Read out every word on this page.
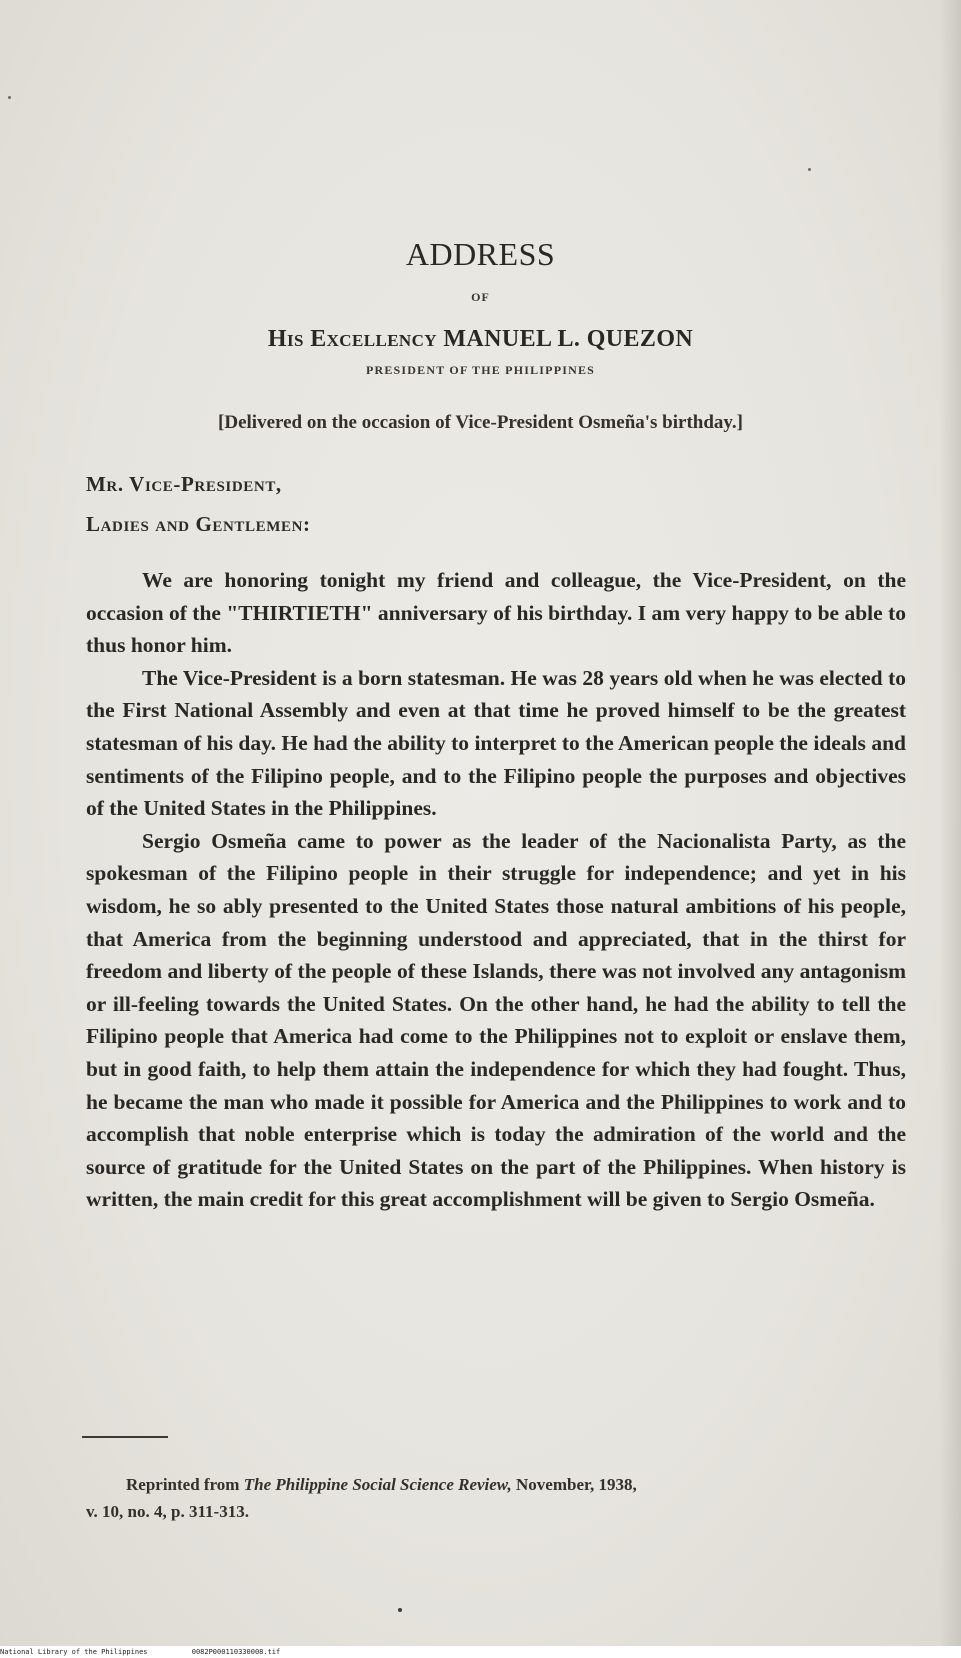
ADDRESS
OF
His Excellency MANUEL L. QUEZON
PRESIDENT OF THE PHILIPPINES
[Delivered on the occasion of Vice-President Osmeña's birthday.]
Mr. Vice-President,
Ladies and Gentlemen:

We are honoring tonight my friend and colleague, the Vice-President, on the occasion of the "THIRTIETH" anniversary of his birthday. I am very happy to be able to thus honor him.

The Vice-President is a born statesman. He was 28 years old when he was elected to the First National Assembly and even at that time he proved himself to be the greatest statesman of his day. He had the ability to interpret to the American people the ideals and sentiments of the Filipino people, and to the Filipino people the purposes and objectives of the United States in the Philippines.

Sergio Osmeña came to power as the leader of the Nacionalista Party, as the spokesman of the Filipino people in their struggle for independence; and yet in his wisdom, he so ably presented to the United States those natural ambitions of his people, that America from the beginning understood and appreciated, that in the thirst for freedom and liberty of the people of these Islands, there was not involved any antagonism or ill-feeling towards the United States. On the other hand, he had the ability to tell the Filipino people that America had come to the Philippines not to exploit or enslave them, but in good faith, to help them attain the independence for which they had fought. Thus, he became the man who made it possible for America and the Philippines to work and to accomplish that noble enterprise which is today the admiration of the world and the source of gratitude for the United States on the part of the Philippines. When history is written, the main credit for this great accomplishment will be given to Sergio Osmeña.

Reprinted from The Philippine Social Science Review, November, 1938,
v. 10, no. 4, p. 311-313.
National Library of the Philippines	0082P000110330008.tif
